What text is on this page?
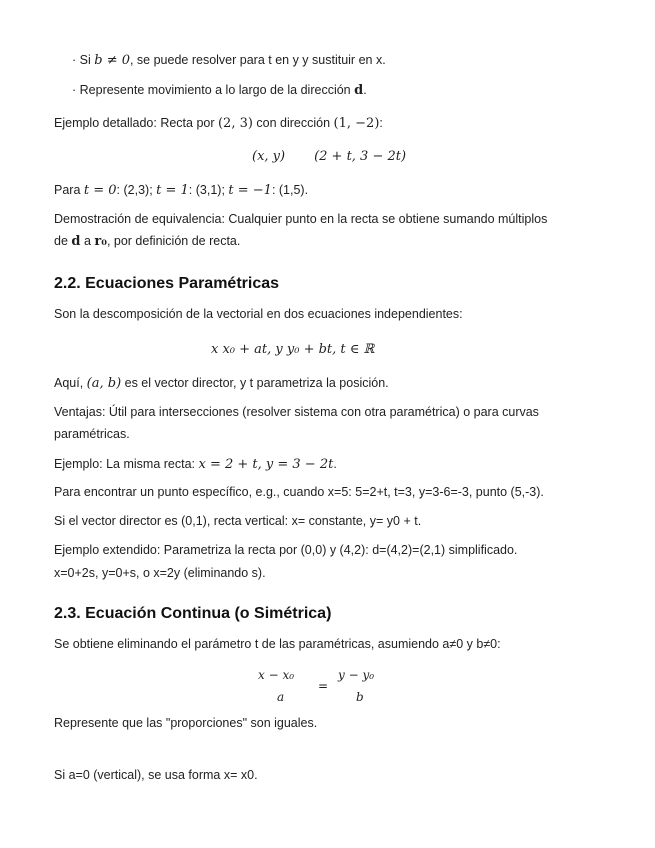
· Si b ≠ 0, se puede resolver para t en y y sustituir en x.
· Represente movimiento a lo largo de la dirección d.
Ejemplo detallado: Recta por (2, 3) con dirección (1, −2):
(x, y) (2 + t, 3 − 2t)
Para t = 0: (2,3); t = 1: (3,1); t = −1: (1,5).
Demostración de equivalencia: Cualquier punto en la recta se obtiene sumando múltiplos
de d a r₀, por definición de recta.
2.2. Ecuaciones Paramétricas
Son la descomposición de la vectorial en dos ecuaciones independientes:
x x₀ + at, y y₀ + bt, t ∈ ℝ
Aquí, (a, b) es el vector director, y t parametriza la posición.
Ventajas: Útil para intersecciones (resolver sistema con otra paramétrica) o para curvas
paramétricas.
Ejemplo: La misma recta: x = 2 + t, y = 3 − 2t.
Para encontrar un punto específico, e.g., cuando x=5: 5=2+t, t=3, y=3-6=-3, punto (5,-3).
Si el vector director es (0,1), recta vertical: x= constante, y= y0 + t.
Ejemplo extendido: Parametriza la recta por (0,0) y (4,2): d=(4,2)=(2,1) simplificado.
x=0+2s, y=0+s, o x=2y (eliminando s).
2.3. Ecuación Continua (o Simétrica)
Se obtiene eliminando el parámetro t de las paramétricas, asumiendo a≠0 y b≠0:
x − x₀
a
=
y − y₀
b
Represente que las "proporciones" son iguales.
Si a=0 (vertical), se usa forma x= x0.
